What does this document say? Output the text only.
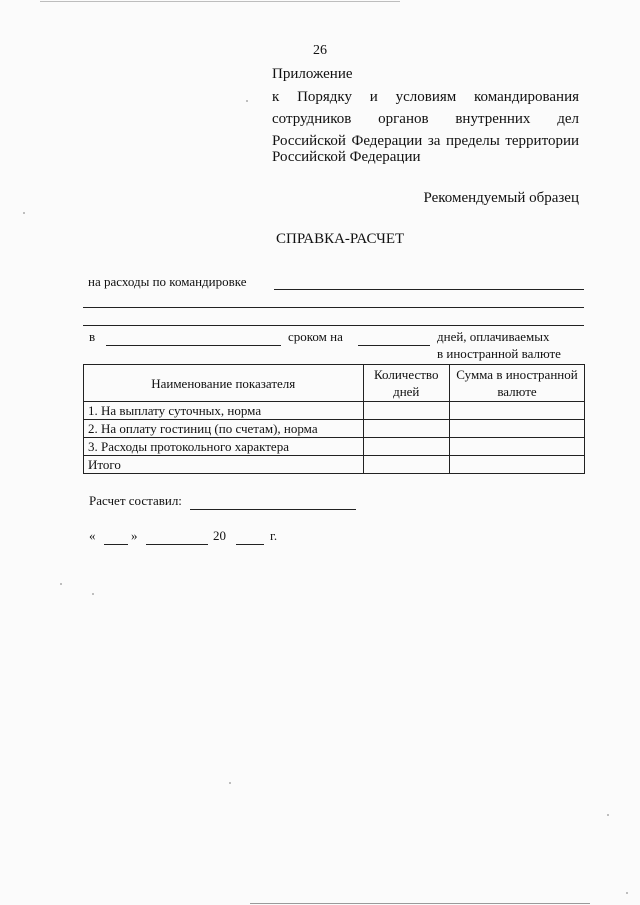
26
Приложение
к Порядку и условиям командирования
сотрудников органов внутренних дел
Российской Федерации за пределы территории
Российской Федерации
Рекомендуемый образец
СПРАВКА-РАСЧЕТ
на расходы по командировке
в	сроком на	дней, оплачиваемых
в иностранной валюте
Наименование показателя	Количество дней	Сумма в иностранной валюте
1. На выплату суточных, норма		
2. На оплату гостиниц (по счетам), норма		
3. Расходы протокольного характера		
Итого		
Расчет составил:
«	»	20	г.
